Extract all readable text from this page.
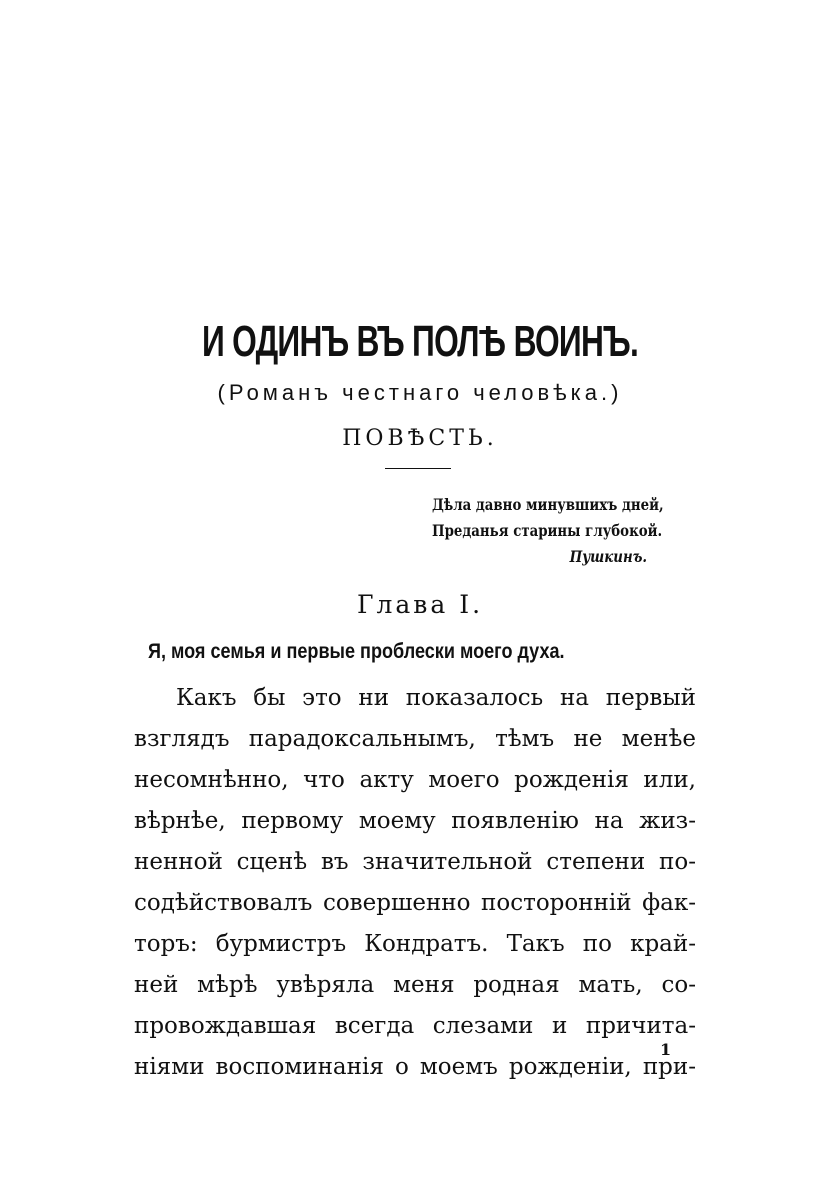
И ОДИНЪ ВЪ ПОЛѢ ВОИНЪ.
(Романъ честнаго человѣка.)
ПОВѢСТЬ.
Дѣла давно минувшихъ дней,
Преданья старины глубокой.
Пушкинъ.
Глава I.
Я, моя семья и первые проблески моего духа.
Какъ бы это ни показалось на первый
взглядъ парадоксальнымъ, тѣмъ не менѣе
несомнѣнно, что акту моего рожденія или,
вѣрнѣе, первому моему появленію на жиз-
ненной сценѣ въ значительной степени по-
содѣйствовалъ совершенно посторонній фак-
торъ: бурмистръ Кондратъ. Такъ по край-
ней мѣрѣ увѣряла меня родная мать, со-
провождавшая всегда слезами и причита-
ніями воспоминанія о моемъ рожденіи, при-
1
